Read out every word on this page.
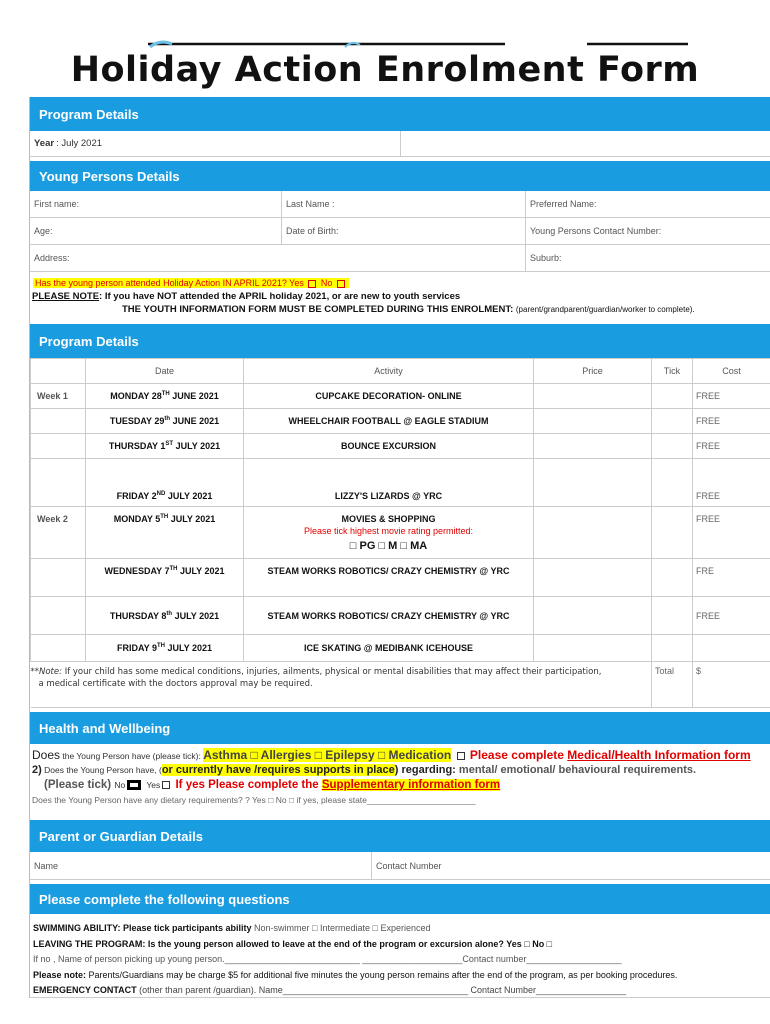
Holiday Action Enrolment Form
Program Details
Year : July 2021
Young Persons Details
First name:	Last Name :	Preferred Name:
Age:	Date of Birth:	Young Persons Contact Number:
Address:	Suburb:
Has the young person attended Holiday Action IN APRIL 2021? Yes No
PLEASE NOTE: If you have NOT attended the APRIL holiday 2021, or are new to youth services
THE YOUTH INFORMATION FORM MUST BE COMPLETED DURING THIS ENROLMENT: (parent/grandparent/guardian/worker to complete).
Program Details
	Date	Activity	Price	Tick	Cost
Week 1	MONDAY 28TH JUNE 2021	CUPCAKE DECORATION- ONLINE			FREE
	TUESDAY 29th JUNE 2021	WHEELCHAIR FOOTBALL @ EAGLE STADIUM			FREE
	THURSDAY 1ST JULY 2021	BOUNCE EXCURSION			FREE
	FRIDAY 2ND JULY 2021	LIZZY'S LIZARDS @ YRC			FREE
Week 2	MONDAY 5TH JULY 2021	MOVIES & SHOPPING
Please tick highest movie rating permitted:
□ PG □ M □ MA			FREE
	WEDNESDAY 7TH JULY 2021	STEAM WORKS ROBOTICS/ CRAZY CHEMISTRY @ YRC			FRE
	THURSDAY 8th JULY 2021	STEAM WORKS ROBOTICS/ CRAZY CHEMISTRY @ YRC			FREE
	FRIDAY 9TH JULY 2021	ICE SKATING @ MEDIBANK ICEHOUSE			
**Note: If your child has some medical conditions, injuries, ailments, physical or mental disabilities that may affect their participation,
a medical certificate with the doctors approval may be required.				Total	$
Health and Wellbeing
Does the Young Person have (please tick): Asthma □ Allergies □ Epilepsy □ Medication  Please complete Medical/Health Information form
2) Does the Young Person have, (or currently have /requires supports in place) regarding: mental/ emotional/ behavioural requirements.
(Please tick) No Yes If yes Please complete the Supplementary information form
Does the Young Person have any dietary requirements? ? Yes □ No □ if yes, please state_______________________
Parent or Guardian Details
Name	Contact Number
Please complete the following questions
SWIMMING ABILITY: Please tick participants ability Non-swimmer □ Intermediate □ Experienced
LEAVING THE PROGRAM: Is the young person allowed to leave at the end of the program or excursion alone? Yes □ No □
If no , Name of person picking up young person.___________________________ ____________________Contact number___________________
Please note: Parents/Guardians may be charge $5 for additional five minutes the young person remains after the end of the program, as per booking procedures.
EMERGENCY CONTACT (other than parent /guardian). Name_____________________________________ Contact Number__________________
